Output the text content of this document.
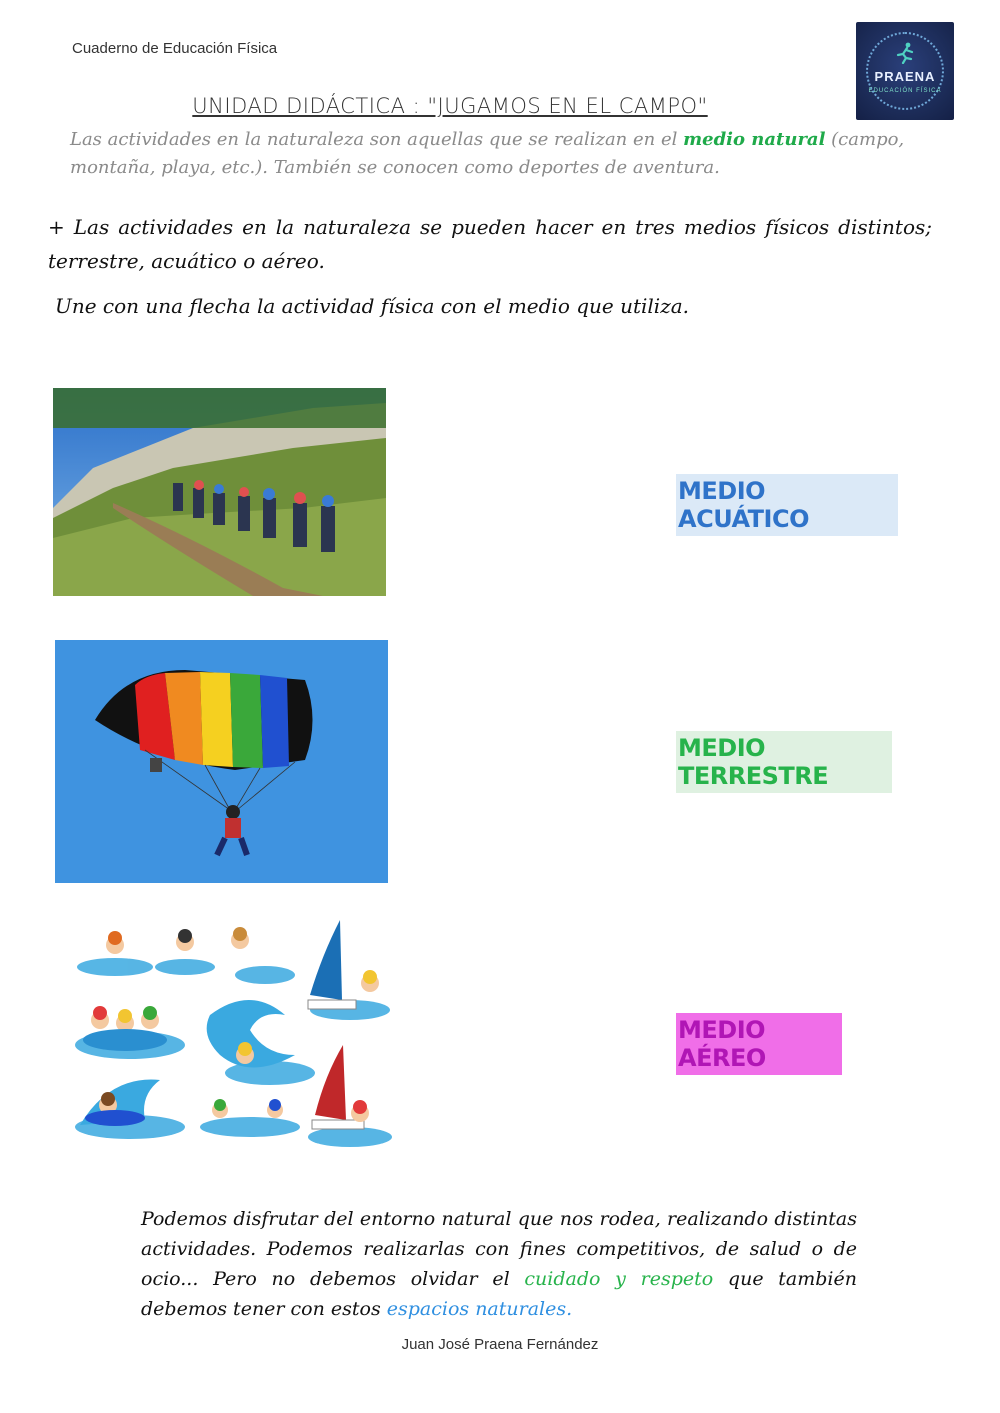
Cuaderno de Educación Física
PRAENA
EDUCACIÓN FÍSICA
UNIDAD DIDÁCTICA : "JUGAMOS EN EL CAMPO"
Las actividades en la naturaleza son aquellas que se realizan en el medio natural (campo, montaña, playa, etc.). También se conocen como deportes de aventura.
+ Las actividades en la naturaleza se pueden hacer en tres medios físicos distintos; terrestre, acuático o aéreo.
Une con una flecha la actividad física con el medio que utiliza.
MEDIO ACUÁTICO
MEDIO TERRESTRE
MEDIO AÉREO
Podemos disfrutar del entorno natural que nos rodea, realizando distintas actividades. Podemos realizarlas con fines competitivos, de salud o de ocio... Pero no debemos olvidar el cuidado y respeto que también debemos tener con estos espacios naturales.
Juan José Praena Fernández
